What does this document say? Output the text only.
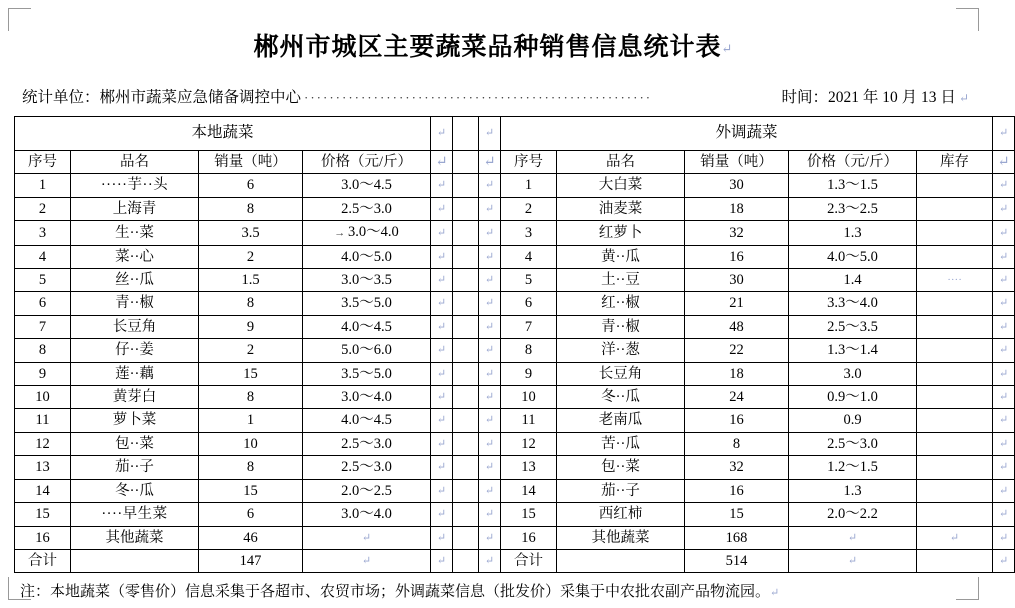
郴州市城区主要蔬菜品种销售信息统计表↵
统计单位：郴州市蔬菜应急储备调控中心 ·······················································	时间：2021 年 10 月 13 日 ↵
本地蔬菜				↵		↵	外调蔬菜					↵
序号	品名	销量（吨）	价格（元/斤）	↵		↵	序号	品名	销量（吨）	价格（元/斤）	库存	↵
1	·····芋··头	6	3.0～4.5	↵		↵	1	大白菜	30	1.3～1.5		↵
2	上海青	8	2.5～3.0	↵		↵	2	油麦菜	18	2.3～2.5		↵
3	生··菜	3.5	→ 3.0～4.0	↵		↵	3	红萝卜	32	1.3		↵
4	菜··心	2	4.0～5.0	↵		↵	4	黄··瓜	16	4.0～5.0		↵
5	丝··瓜	1.5	3.0～3.5	↵		↵	5	土··豆	30	1.4	····	↵
6	青··椒	8	3.5～5.0	↵		↵	6	红··椒	21	3.3～4.0		↵
7	长豆角	9	4.0～4.5	↵		↵	7	青··椒	48	2.5～3.5		↵
8	仔··姜	2	5.0～6.0	↵		↵	8	洋··葱	22	1.3～1.4		↵
9	莲··藕	15	3.5～5.0	↵		↵	9	长豆角	18	3.0		↵
10	黄芽白	8	3.0～4.0	↵		↵	10	冬··瓜	24	0.9～1.0		↵
11	萝卜菜	1	4.0～4.5	↵		↵	11	老南瓜	16	0.9		↵
12	包··菜	10	2.5～3.0	↵		↵	12	苦··瓜	8	2.5～3.0		↵
13	茄··子	8	2.5～3.0	↵		↵	13	包··菜	32	1.2～1.5		↵
14	冬··瓜	15	2.0～2.5	↵		↵	14	茄··子	16	1.3		↵
15	····早生菜	6	3.0～4.0	↵		↵	15	西红柿	15	2.0～2.2		↵
16	其他蔬菜	46	↵	↵		↵	16	其他蔬菜	168	↵	↵	↵
合计		147	↵	↵		↵	合计		514	↵		↵
注：本地蔬菜（零售价）信息采集于各超市、农贸市场；外调蔬菜信息（批发价）采集于中农批农副产品物流园。↵
